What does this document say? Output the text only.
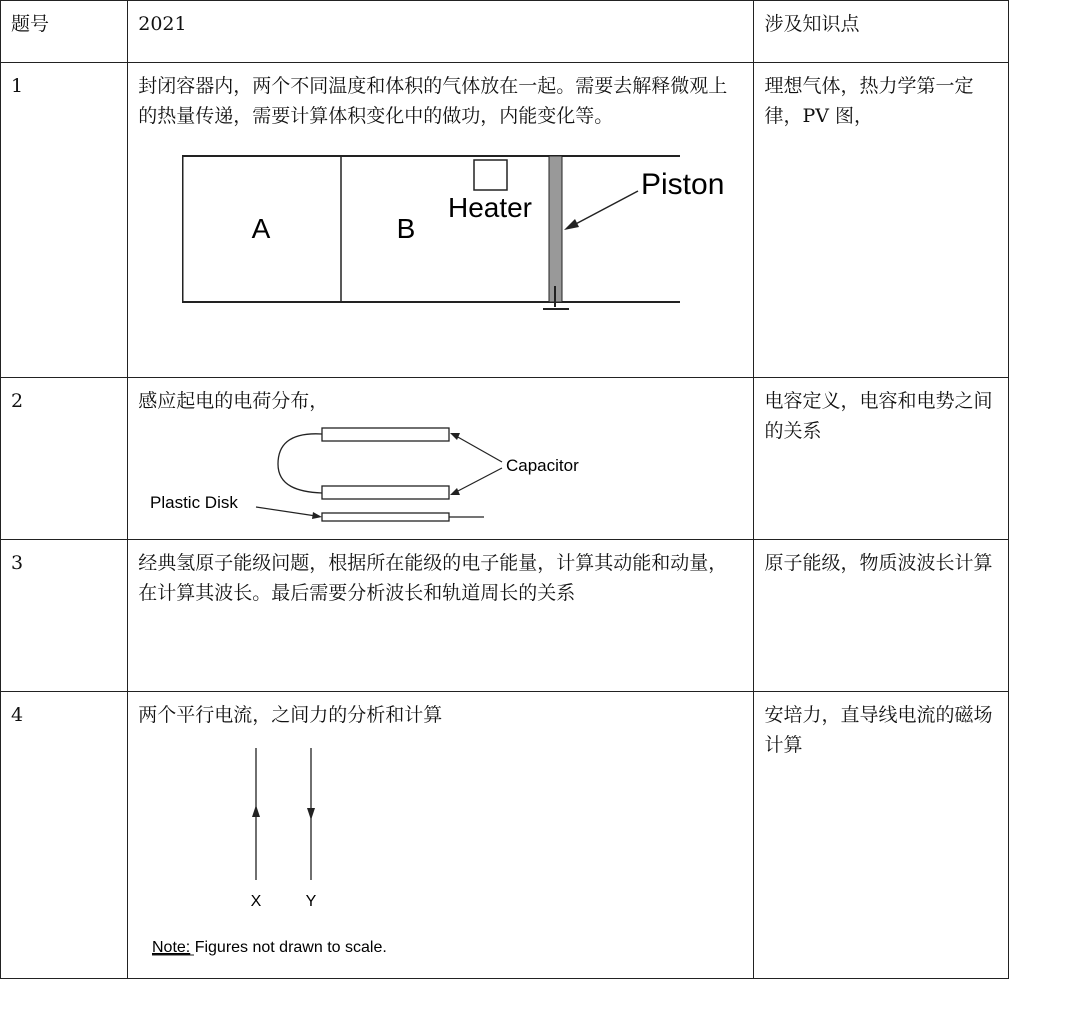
题号	2021	涉及知识点
1	封闭容器内，两个不同温度和体积的气体放在一起。需要去解释微观上的热量传递，需要计算体积变化中的做功，内能变化等。
A B
Heater
Piston	理想气体，热力学第一定律，PV 图，
2	感应起电的电荷分布，
Capacitor
Plastic Disk	电容定义，电容和电势之间的关系
3	经典氢原子能级问题，根据所在能级的电子能量，计算其动能和动量，在计算其波长。最后需要分析波长和轨道周长的关系	原子能级，物质波波长计算
4	两个平行电流，之间力的分析和计算
X Y
Note: Figures not drawn to scale.	安培力，直导线电流的磁场计算
